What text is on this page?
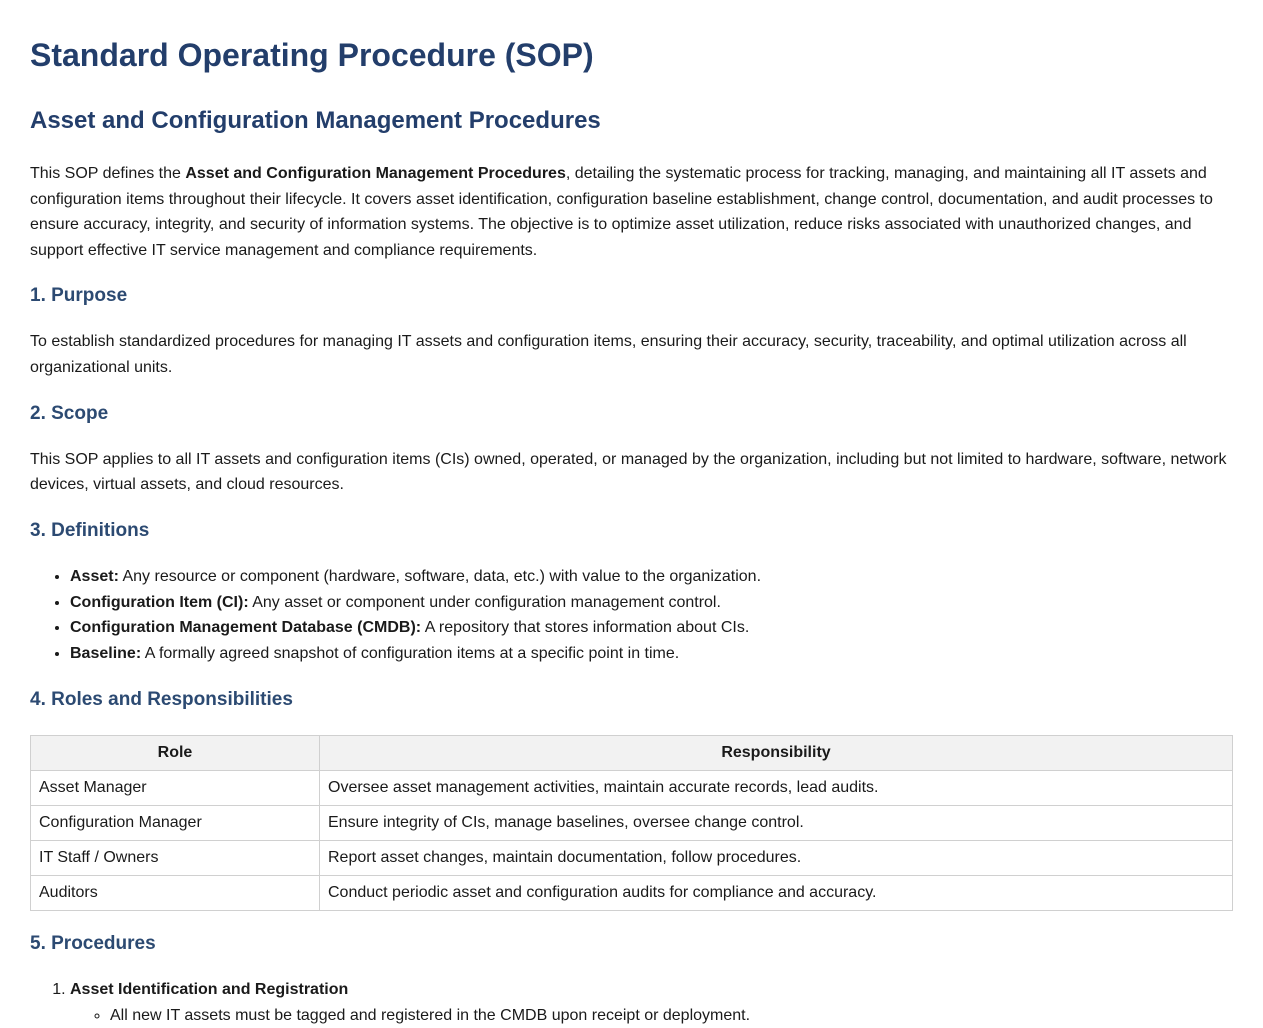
Standard Operating Procedure (SOP)
Asset and Configuration Management Procedures

This SOP defines the Asset and Configuration Management Procedures, detailing the systematic process for tracking, managing, and maintaining all IT assets and configuration items throughout their lifecycle. It covers asset identification, configuration baseline establishment, change control, documentation, and audit processes to ensure accuracy, integrity, and security of information systems. The objective is to optimize asset utilization, reduce risks associated with unauthorized changes, and support effective IT service management and compliance requirements.

1. Purpose

To establish standardized procedures for managing IT assets and configuration items, ensuring their accuracy, security, traceability, and optimal utilization across all organizational units.

2. Scope

This SOP applies to all IT assets and configuration items (CIs) owned, operated, or managed by the organization, including but not limited to hardware, software, network devices, virtual assets, and cloud resources.

3. Definitions
• Asset: Any resource or component (hardware, software, data, etc.) with value to the organization.
• Configuration Item (CI): Any asset or component under configuration management control.
• Configuration Management Database (CMDB): A repository that stores information about CIs.
• Baseline: A formally agreed snapshot of configuration items at a specific point in time.
4. Roles and Responsibilities
Role	Responsibility
Asset Manager	Oversee asset management activities, maintain accurate records, lead audits.
Configuration Manager	Ensure integrity of CIs, manage baselines, oversee change control.
IT Staff / Owners	Report asset changes, maintain documentation, follow procedures.
Auditors	Conduct periodic asset and configuration audits for compliance and accuracy.
5. Procedures
1. Asset Identification and Registration
◦ All new IT assets must be tagged and registered in the CMDB upon receipt or deployment.
